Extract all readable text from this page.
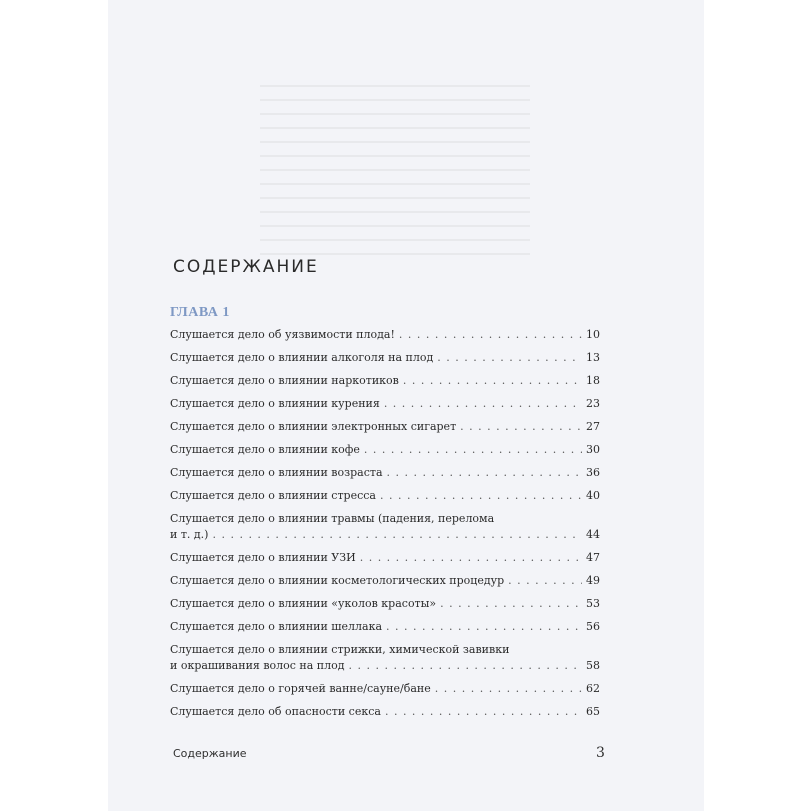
СОДЕРЖАНИЕ
ГЛАВА 1
Слушается дело об уязвимости плода! . . .	10
Слушается дело о влиянии алкоголя на плод . . .	13
Слушается дело о влиянии наркотиков . . .	18
Слушается дело о влиянии курения . . .	23
Слушается дело о влиянии электронных сигарет . . .	27
Слушается дело о влиянии кофе . . .	30
Слушается дело о влиянии возраста . . .	36
Слушается дело о влиянии стресса . . .	40
Слушается дело о влиянии травмы (падения, перелома
и т. д.) . . .	44
Слушается дело о влиянии УЗИ . . .	47
Слушается дело о влиянии косметологических процедур . . .	49
Слушается дело о влиянии «уколов красоты» . . .	53
Слушается дело о влиянии шеллака . . .	56
Слушается дело о влиянии стрижки, химической завивки
и окрашивания волос на плод . . .	58
Слушается дело о горячей ванне/сауне/бане . . .	62
Слушается дело об опасности секса . . .	65
Содержание	3
